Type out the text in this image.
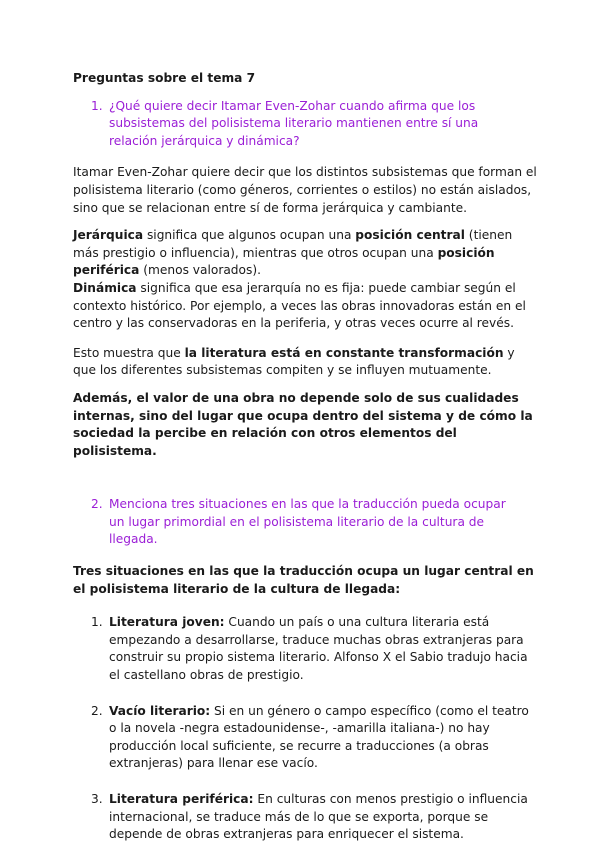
Preguntas sobre el tema 7
1. ¿Qué quiere decir Itamar Even-Zohar cuando afirma que los subsistemas del polisistema literario mantienen entre sí una relación jerárquica y dinámica?
Itamar Even-Zohar quiere decir que los distintos subsistemas que forman el polisistema literario (como géneros, corrientes o estilos) no están aislados, sino que se relacionan entre sí de forma jerárquica y cambiante.
Jerárquica significa que algunos ocupan una posición central (tienen más prestigio o influencia), mientras que otros ocupan una posición periférica (menos valorados).
Dinámica significa que esa jerarquía no es fija: puede cambiar según el contexto histórico. Por ejemplo, a veces las obras innovadoras están en el centro y las conservadoras en la periferia, y otras veces ocurre al revés.
Esto muestra que la literatura está en constante transformación y que los diferentes subsistemas compiten y se influyen mutuamente.
Además, el valor de una obra no depende solo de sus cualidades internas, sino del lugar que ocupa dentro del sistema y de cómo la sociedad la percibe en relación con otros elementos del polisistema.
2. Menciona tres situaciones en las que la traducción pueda ocupar un lugar primordial en el polisistema literario de la cultura de llegada.
Tres situaciones en las que la traducción ocupa un lugar central en el polisistema literario de la cultura de llegada:
1. Literatura joven: Cuando un país o una cultura literaria está empezando a desarrollarse, traduce muchas obras extranjeras para construir su propio sistema literario. Alfonso X el Sabio tradujo hacia el castellano obras de prestigio.
2. Vacío literario: Si en un género o campo específico (como el teatro o la novela -negra estadounidense-, -amarilla italiana-) no hay producción local suficiente, se recurre a traducciones (a obras extranjeras) para llenar ese vacío.
3. Literatura periférica: En culturas con menos prestigio o influencia internacional, se traduce más de lo que se exporta, porque se depende de obras extranjeras para enriquecer el sistema.
